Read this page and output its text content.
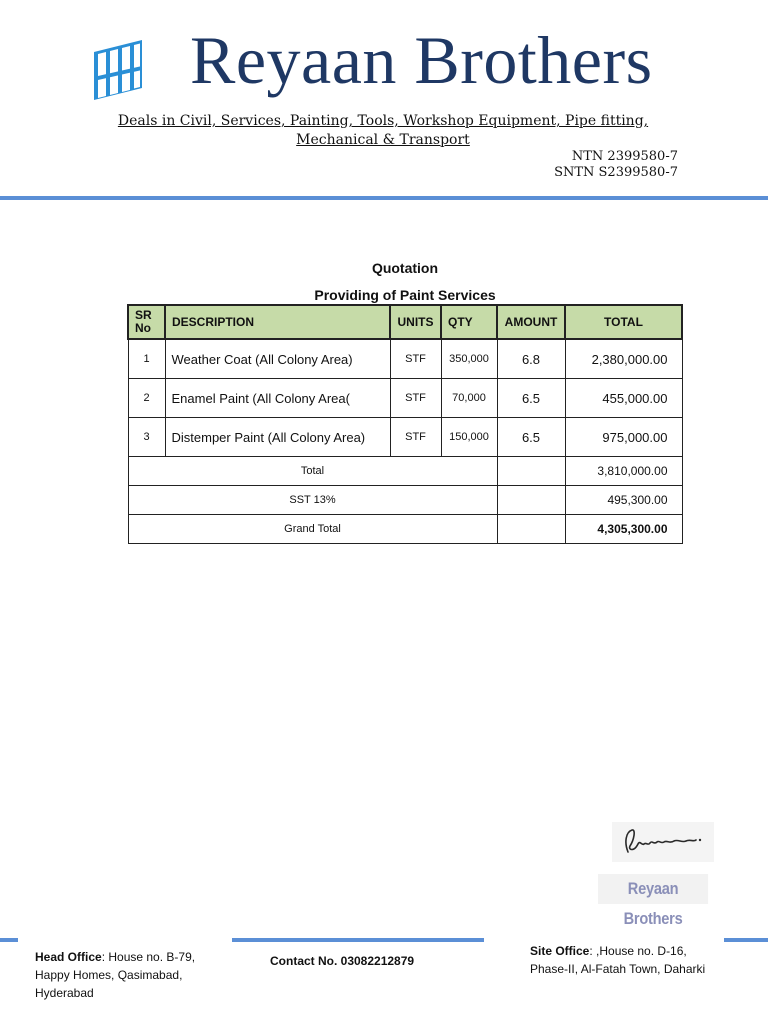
Reyaan Brothers
Deals in Civil, Services, Painting, Tools, Workshop Equipment, Pipe fitting,
Mechanical & Transport
NTN 2399580-7
SNTN S2399580-7
Quotation
Providing of Paint Services
SR
No	DESCRIPTION	UNITS	QTY	AMOUNT	TOTAL
1	Weather Coat (All Colony Area)	STF	350,000	6.8	2,380,000.00
2	Enamel Paint (All Colony Area(	STF	70,000	6.5	455,000.00
3	Distemper Paint (All Colony Area)	STF	150,000	6.5	975,000.00
Total					3,810,000.00
SST 13%					495,300.00
Grand Total					4,305,300.00
Reyaan Brothers
Head Office: House no. B-79, Happy Homes, Qasimabad, Hyderabad
Contact No. 03082212879
Site Office: ,House no. D-16, Phase-II, Al-Fatah Town, Daharki
